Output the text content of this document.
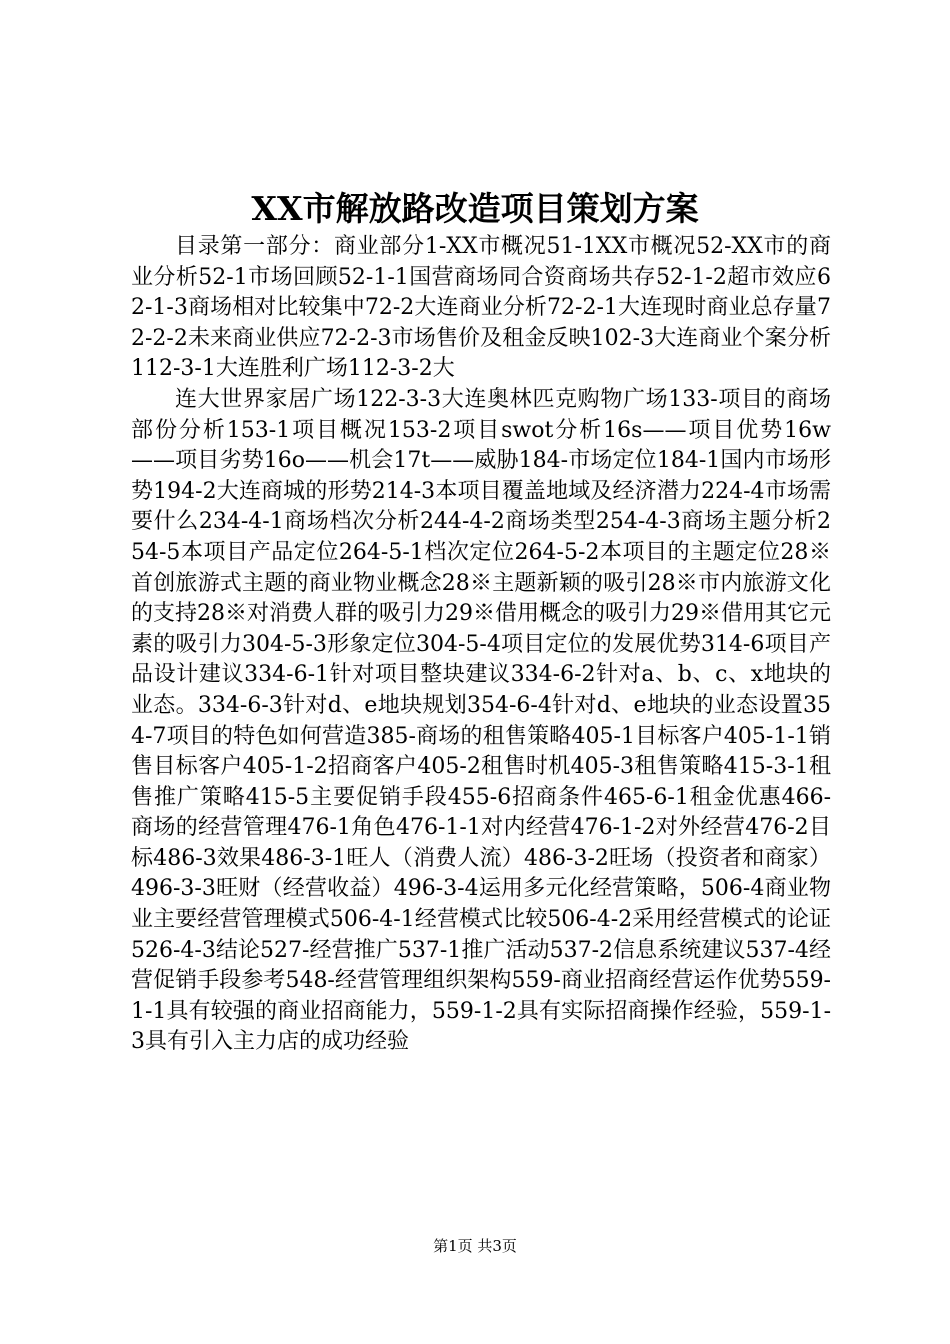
XX市解放路改造项目策划方案

目录第一部分：商业部分1-XX市概况51-1XX市概况52-XX市的商业分析52-1市场回顾52-1-1国营商场同合资商场共存52-1-2超市效应62-1-3商场相对比较集中72-2大连商业分析72-2-1大连现时商业总存量72-2-2未来商业供应72-2-3市场售价及租金反映102-3大连商业个案分析112-3-1大连胜利广场112-3-2大

连大世界家居广场122-3-3大连奥林匹克购物广场133-项目的商场部份分析153-1项目概况153-2项目swot分析16s——项目优势16w——项目劣势16o——机会17t——威胁184-市场定位184-1国内市场形势194-2大连商城的形势214-3本项目覆盖地域及经济潜力224-4市场需要什么234-4-1商场档次分析244-4-2商场类型254-4-3商场主题分析254-5本项目产品定位264-5-1档次定位264-5-2本项目的主题定位28※首创旅游式主题的商业物业概念28※主题新颖的吸引28※市内旅游文化的支持28※对消费人群的吸引力29※借用概念的吸引力29※借用其它元素的吸引力304-5-3形象定位304-5-4项目定位的发展优势314-6项目产品设计建议334-6-1针对项目整块建议334-6-2针对a、b、c、x地块的业态。334-6-3针对d、e地块规划354-6-4针对d、e地块的业态设置354-7项目的特色如何营造385-商场的租售策略405-1目标客户405-1-1销售目标客户405-1-2招商客户405-2租售时机405-3租售策略415-3-1租售推广策略415-5主要促销手段455-6招商条件465-6-1租金优惠466-商场的经营管理476-1角色476-1-1对内经营476-1-2对外经营476-2目标486-3效果486-3-1旺人（消费人流）486-3-2旺场（投资者和商家）496-3-3旺财（经营收益）496-3-4运用多元化经营策略，506-4商业物业主要经营管理模式506-4-1经营模式比较506-4-2采用经营模式的论证526-4-3结论527-经营推广537-1推广活动537-2信息系统建议537-4经营促销手段参考548-经营管理组织架构559-商业招商经营运作优势559-1-1具有较强的商业招商能力，559-1-2具有实际招商操作经验，559-1-3具有引入主力店的成功经验

第1页 共3页
